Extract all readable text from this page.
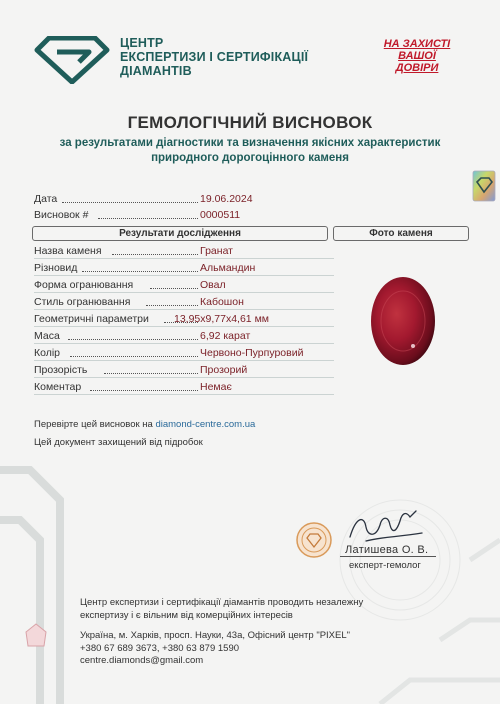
ЦЕНТР
ЕКСПЕРТИЗИ І СЕРТИФІКАЦІЇ
ДІАМАНТІВ
НА ЗАХИСТІ
ВАШОЇ
ДОВІРИ
ГЕМОЛОГІЧНИЙ ВИСНОВОК
за результатами діагностики та визначення якісних характеристик
природного дорогоцінного каменя
Дата	19.06.2024
Висновок #	0000511
Результати дослідження	Фото каменя
Назва каменя	Гранат
Різновид	Альмандин
Форма огранювання	Овал
Стиль огранювання	Кабошон
Геометричні параметри 13,95x9,77x4,61 мм
Маса	6,92 карат
Колір	Червоно-Пурпуровий
Прозорість	Прозорий
Коментар	Немає
Перевірте цей висновок на diamond-centre.com.ua
Цей документ захищений від підробок
Латишева О. В.
експерт-гемолог
Центр експертизи і сертифікації діамантів проводить незалежну
експертизу і є вільним від комерційних інтересів
Україна, м. Харків, просп. Науки, 43а, Офісний центр "PIXEL"
+380 67 689 3673, +380 63 879 1590
centre.diamonds@gmail.com
